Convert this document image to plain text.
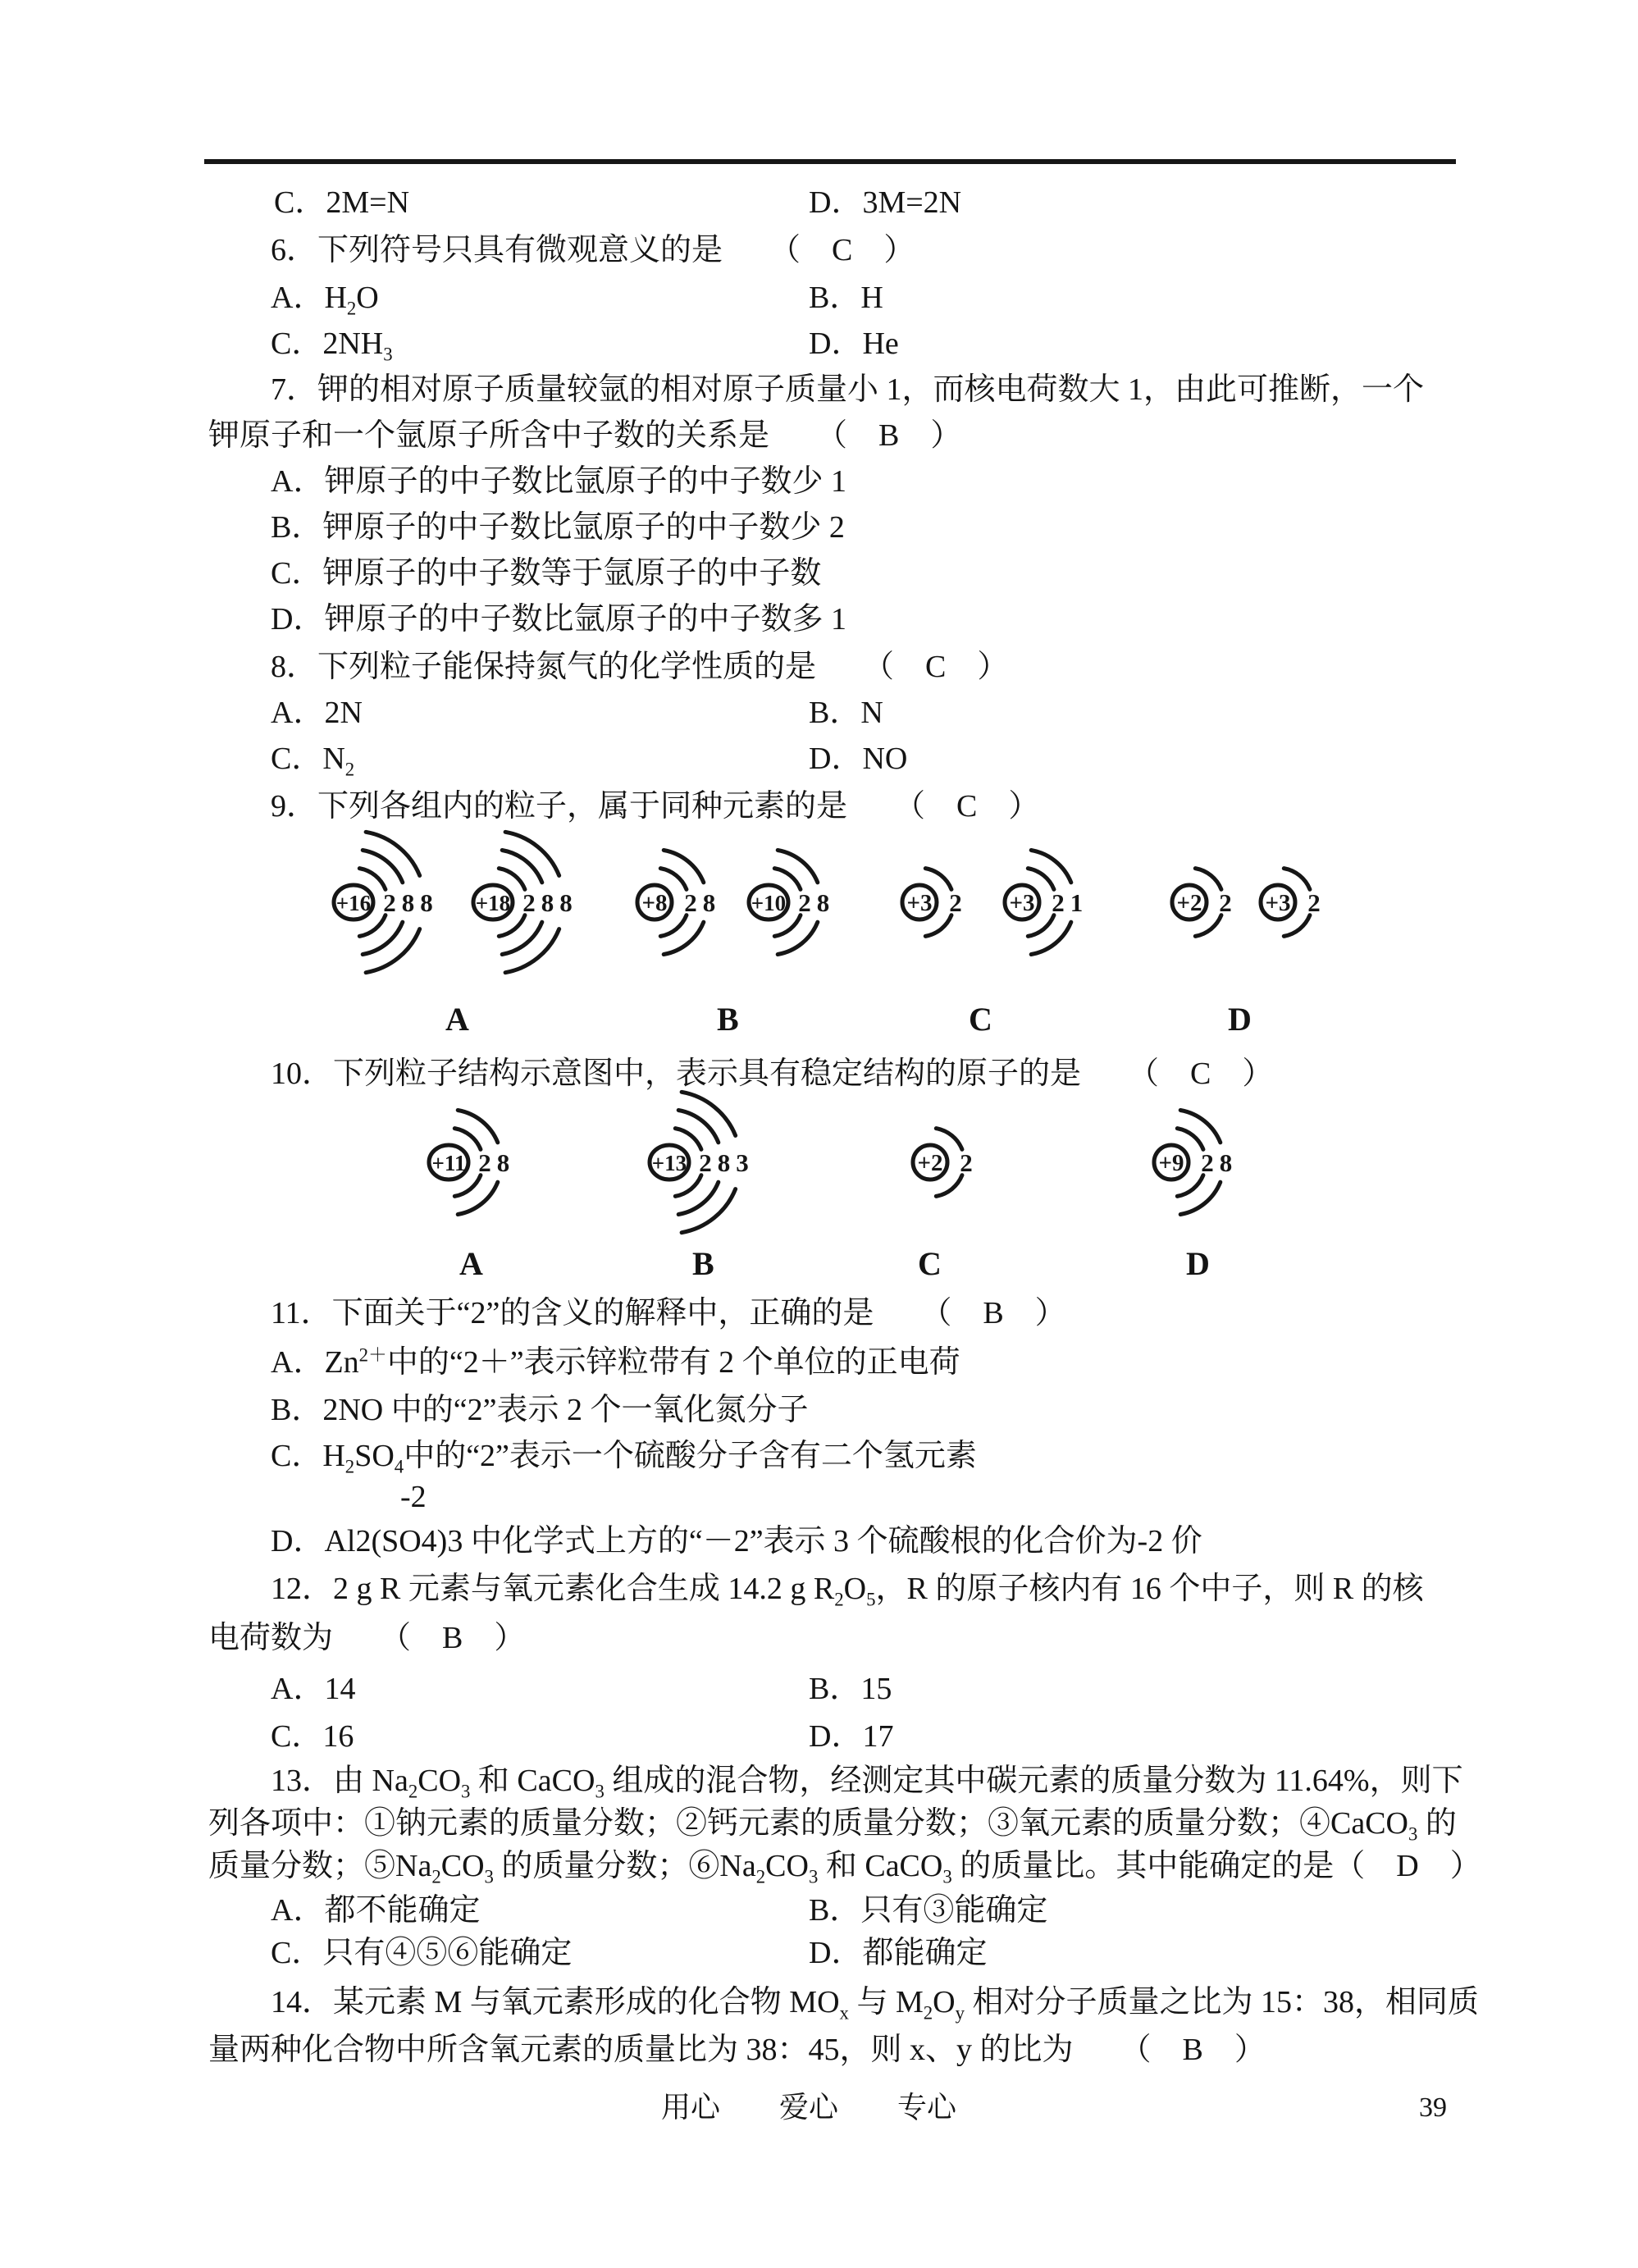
C．2M=N	D．3M=2N
6．下列符号只具有微观意义的是　　（　C　）
A．$H_2O$	B．H
C．$2NH_3$	D．He
7．钾的相对原子质量较氩的相对原子质量小 1，而核电荷数大 1，由此可推断，一个
钾原子和一个氩原子所含中子数的关系是　　（　B　）
A．钾原子的中子数比氩原子的中子数少 1
B．钾原子的中子数比氩原子的中子数少 2
C．钾原子的中子数等于氩原子的中子数
D．钾原子的中子数比氩原子的中子数多 1
8．下列粒子能保持氮气的化学性质的是　　（　C　）
A．2N	B．N
C．$N_2$	D．NO
9．下列各组内的粒子，属于同种元素的是　　（　C　）
+16 2 8 8 +18 2 8 8	+8 2 8 +10 2 8	+3 2 +3 2 1	+2 2 +3 2
A	B	C	D
10．下列粒子结构示意图中，表示具有稳定结构的原子的是　　（　C　）
+11 2 8	+13 2 8 3	+2 2	+9 2 8
A	B	C	D
11．下面关于“2”的含义的解释中，正确的是　　（　B　）
A．$Zn^{2+}$中的“2＋”表示锌粒带有 2 个单位的正电荷
B．2NO 中的“2”表示 2 个一氧化氮分子
C．$H_2SO_4$中的“2”表示一个硫酸分子含有二个氢元素
-2
D．Al2(SO4)3 中化学式上方的“－2”表示 3 个硫酸根的化合价为-2 价
12．2 g R 元素与氧元素化合生成 14.2 g $R_2O_5$，R 的原子核内有 16 个中子，则 R 的核
电荷数为　　（　B　）
A．14	B．15
C．16	D．17
13．由 $Na_2CO_3$ 和 CaCO$_3$ 组成的混合物，经测定其中碳元素的质量分数为 11.64%，则下
列各项中：①钠元素的质量分数；②钙元素的质量分数；③氧元素的质量分数；④CaCO$_3$ 的
质量分数；$⑤Na_2CO_3$ 的质量分数；$⑥Na_2CO_3$ 和 CaCO$_3$ 的质量比。其中能确定的是（　D　）
A．都不能确定	B．只有③能确定
C．只有④⑤⑥能确定	D．都能确定
14．某元素 M 与氧元素形成的化合物 $MO_x$ 与 $M_2O_y$ 相对分子质量之比为 15：38，相同质
量两种化合物中所含氧元素的质量比为 38：45，则 x、y 的比为　　（　B　）
用心　　爱心　　专心	39
